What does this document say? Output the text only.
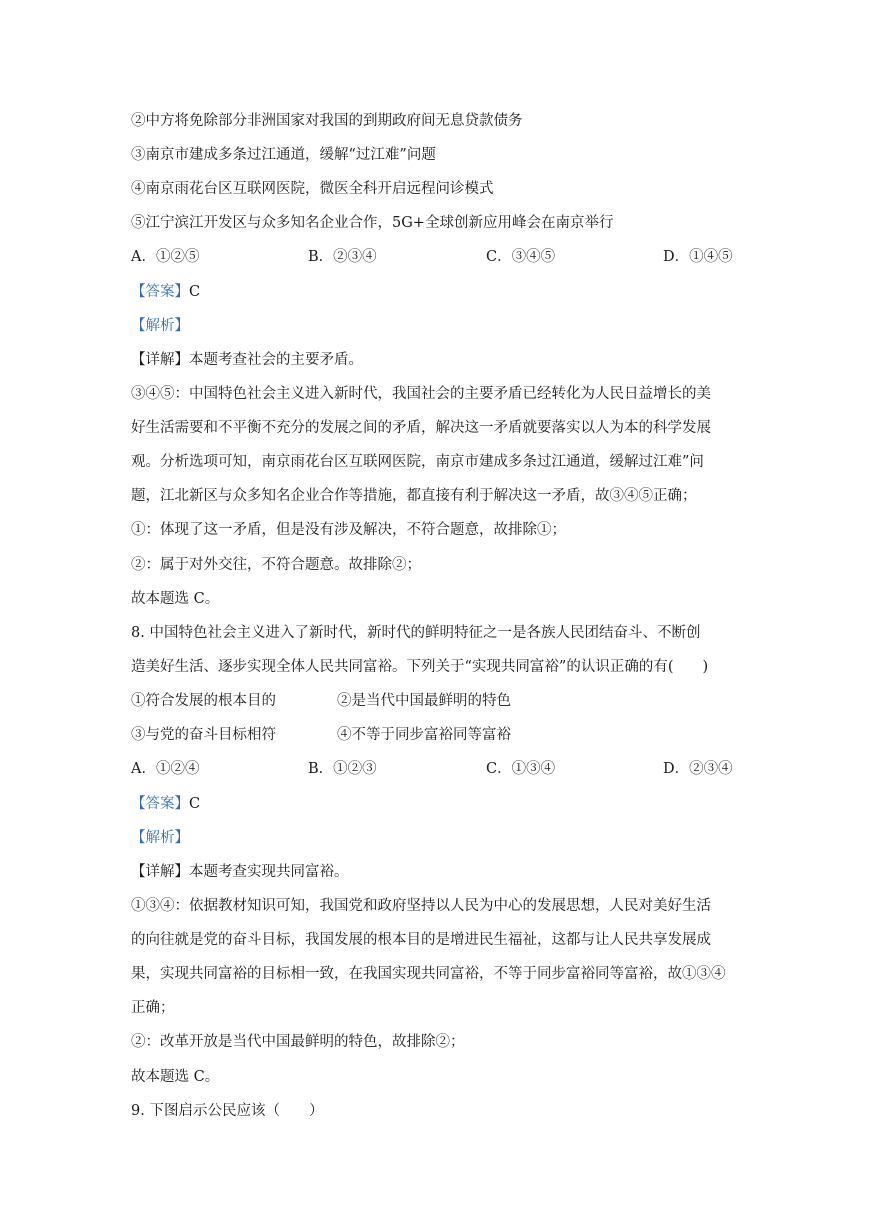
②中方将免除部分非洲国家对我国的到期政府间无息贷款债务
③南京市建成多条过江通道，缓解“过江难”问题
④南京雨花台区互联网医院，微医全科开启远程问诊模式
⑤江宁滨江开发区与众多知名企业合作，5G+全球创新应用峰会在南京举行
A．①②⑤	B．②③④	C．③④⑤	D．①④⑤
【答案】C
【解析】
【详解】本题考查社会的主要矛盾。
③④⑤：中国特色社会主义进入新时代，我国社会的主要矛盾已经转化为人民日益增长的美
好生活需要和不平衡不充分的发展之间的矛盾，解决这一矛盾就要落实以人为本的科学发展
观。分析选项可知，南京雨花台区互联网医院，南京市建成多条过江通道，缓解过江难”问
题，江北新区与众多知名企业合作等措施，都直接有利于解决这一矛盾，故③④⑤正确；
①：体现了这一矛盾，但是没有涉及解决，不符合题意，故排除①；
②：属于对外交往，不符合题意。故排除②；
故本题选 C。
8. 中国特色社会主义进入了新时代，新时代的鲜明特征之一是各族人民团结奋斗、不断创
造美好生活、逐步实现全体人民共同富裕。下列关于“实现共同富裕”的认识正确的有(　　)
①符合发展的根本目的	②是当代中国最鲜明的特色
③与党的奋斗目标相符	④不等于同步富裕同等富裕
A．①②④	B．①②③	C．①③④	D．②③④
【答案】C
【解析】
【详解】本题考查实现共同富裕。
①③④：依据教材知识可知，我国党和政府坚持以人民为中心的发展思想，人民对美好生活
的向往就是党的奋斗目标，我国发展的根本目的是增进民生福祉，这都与让人民共享发展成
果，实现共同富裕的目标相一致，在我国实现共同富裕，不等于同步富裕同等富裕，故①③④
正确；
②：改革开放是当代中国最鲜明的特色，故排除②；
故本题选 C。
9. 下图启示公民应该（　　）
